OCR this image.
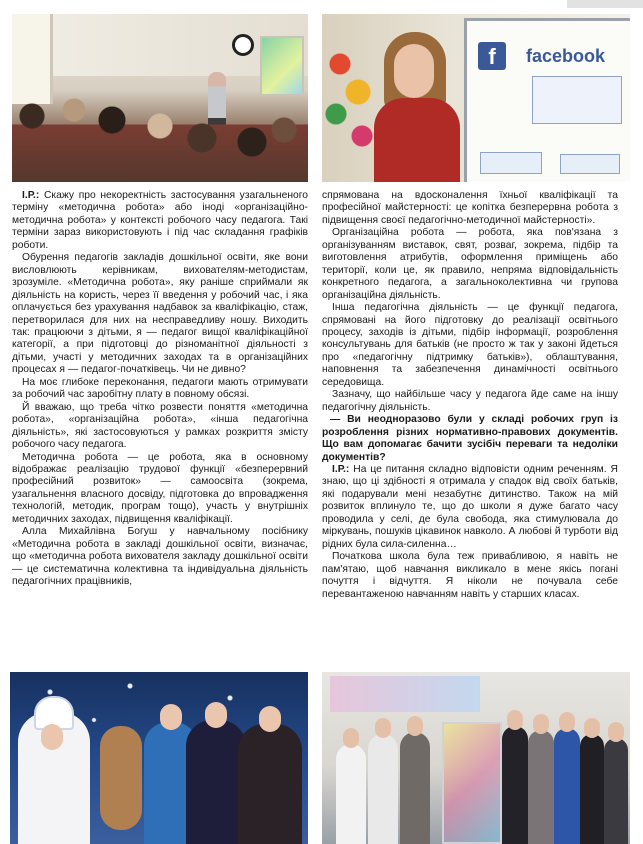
f	facebook

І.Р.: Скажу про некоректність застосування узагальненого терміну «методична робота» або іноді «організаційно-методична робота» у контексті робочого часу педагога. Такі терміни зараз використовують і під час складання графіків роботи.

Обурення педагогів закладів дошкільної освіти, яке вони висловлюють керівникам, вихователям-методистам, зрозуміле. «Методична робота», яку раніше сприймали як діяльність на користь, через її введення у робочий час, і яка оплачується без урахування надбавок за кваліфікацію, стаж, перетворилася для них на несправедливу ношу. Виходить так: працюючи з дітьми, я — педагог вищої кваліфікаційної категорії, а при підготовці до різноманітної діяльності з дітьми, участі у методичних заходах та в організаційних процесах я — педагог-початківець. Чи не дивно?

На моє глибоке переконання, педагоги мають отримувати за робочий час заробітну плату в повному обсязі.

Й вважаю, що треба чітко розвести поняття «методична робота», «організаційна робота», «інша педагогічна діяльність», які застосовуються у рамках розкриття змісту робочого часу педагога.

Методична робота — це робота, яка в основному відображає реалізацію трудової функції «безперервний професійний розвиток» — самоосвіта (зокрема, узагальнення власного досвіду, підготовка до впровадження технологій, методик, програм тощо), участь у внутрішніх методичних заходах, підвищення кваліфікації.

Алла Михайлівна Богуш у навчальному посібнику «Методична робота в закладі дошкільної освіти, визначає, що «методична робота вихователя закладу дошкільної освіти — це систематична колективна та індивідуальна діяльність педагогічних працівників,

спрямована на вдосконалення їхньої кваліфікації та професійної майстерності: це копітка безперервна робота з підвищення своєї педагогічно-методичної майстерності».

Організаційна робота — робота, яка пов'язана з організуванням виставок, свят, розваг, зокрема, підбір та виготовлення атрибутів, оформлення приміщень або території, коли це, як правило, непряма відповідальність конкретного педагога, а загальнокoлективна чи групова організаційна діяльність.

Інша педагогічна діяльність — це функції педагога, спрямовані на його підготовку до реалізації освітнього процесу, заходів із дітьми, підбір інформації, розроблення консультувань для батьків (не просто ж так у законі йдеться про «педагогічну підтримку батьків»), облаштування, наповнення та забезпечення динамічності освітнього середовища.

Зазначу, що найбільше часу у педагога йде саме на іншу педагогічну діяльність.

— Ви неодноразово були у складі робочих груп із розроблення різних нормативно-правових документів. Що вам допомагає бачити зусібіч переваги та недоліки документів?

І.Р.: На це питання складно відповісти одним реченням. Я знаю, що ці здібності я отримала у спадок від своїх батьків, які подарували мені незабутнє дитинство. Також на мій розвиток вплинуло те, що до школи я дуже багато часу проводила у селі, де була свобода, яка стимулювала до міркувань, пошуків цікавинок навколо. А любові й турботи від рідних була сила-силенна…

Початкова школа була теж привабливою, я навіть не пам'ятаю, щоб навчання викликало в мене якісь погані почуття і відчуття. Я ніколи не почувала себе перевантаженою навчанням навіть у старших класах.
